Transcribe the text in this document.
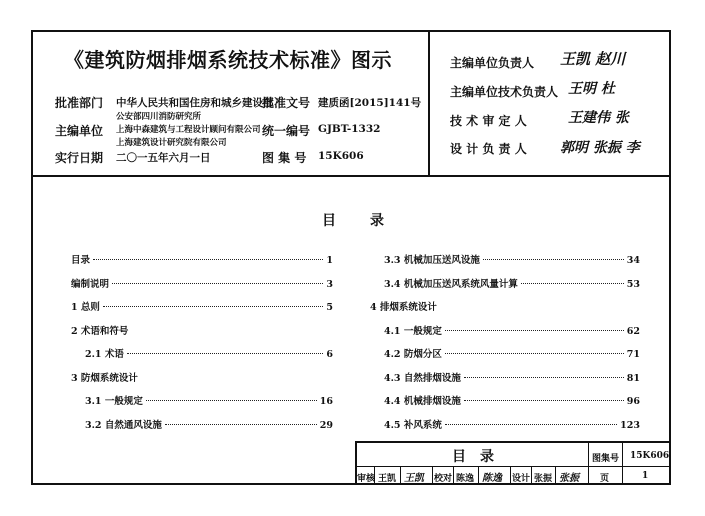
《建筑防烟排烟系统技术标准》图示
批准部门 中华人民共和国住房和城乡建设部
批准文号 建质函[2015]141号
主编单位
公安部四川消防研究所
上海中森建筑与工程设计顾问有限公司
上海建筑设计研究院有限公司
统一编号 GJBT-1332
实行日期 二〇一五年六月一日	图 集 号 15K606
主编单位负责人 王凯 赵川
主编单位技术负责人 王明 杜
技 术 审 定 人	王建伟 张
设 计 负 责 人 郭明 张振 李
目录
目录	1
编制说明	3
1 总则	5
2 术语和符号
2.1 术语	6
3 防烟系统设计
3.1 一般规定	16
3.2 自然通风设施	29
3.3 机械加压送风设施	34
3.4 机械加压送风系统风量计算	53
4 排烟系统设计
4.1 一般规定	62
4.2 防烟分区	71
4.3 自然排烟设施	81
4.4 机械排烟设施	96
4.5 补风系统	123
目录	图集号 15K606
页	1
审核 王凯 王凯 校对 陈逸 陈逸 设计 张振 张振
